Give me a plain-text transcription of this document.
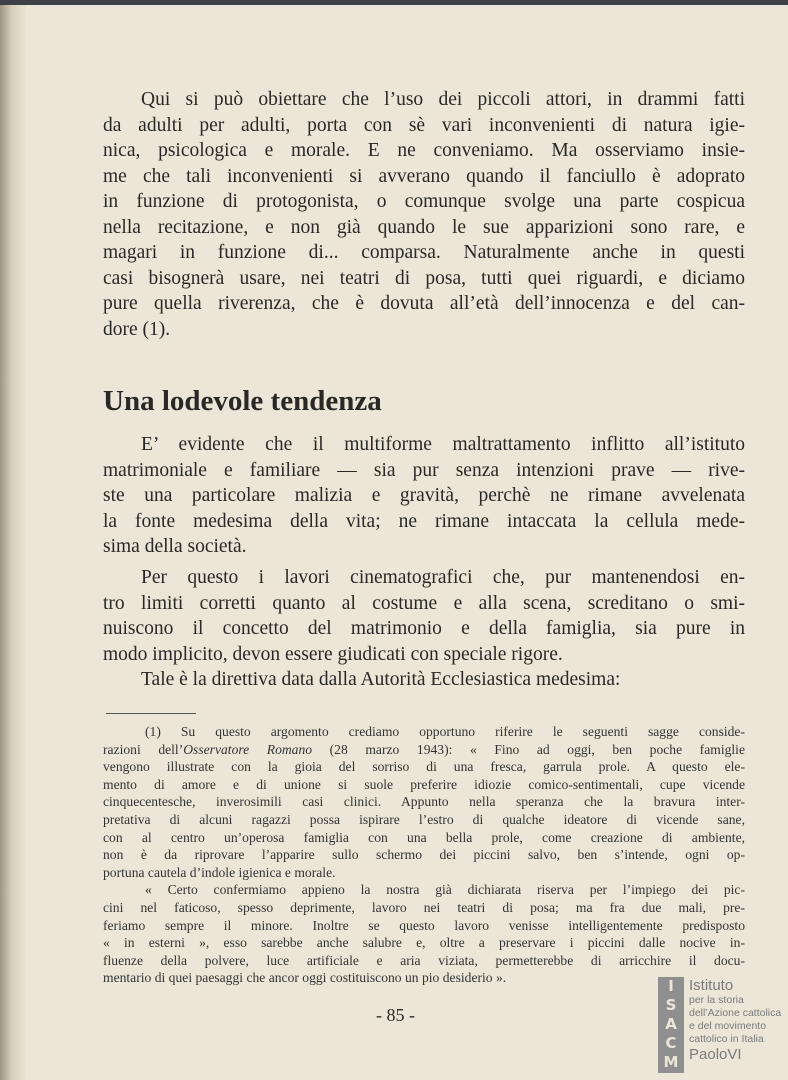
Qui si può obiettare che l’uso dei piccoli attori, in drammi fatti
da adulti per adulti, porta con sè vari inconvenienti di natura igie-
nica, psicologica e morale. E ne conveniamo. Ma osserviamo insie-
me che tali inconvenienti si avverano quando il fanciullo è adoprato
in funzione di protogonista, o comunque svolge una parte cospicua
nella recitazione, e non già quando le sue apparizioni sono rare, e
magari in funzione di... comparsa. Naturalmente anche in questi
casi bisognerà usare, nei teatri di posa, tutti quei riguardi, e diciamo
pure quella riverenza, che è dovuta all’età dell’innocenza e del can-
dore (1).
Una lodevole tendenza
E’ evidente che il multiforme maltrattamento inflitto all’istituto
matrimoniale e familiare — sia pur senza intenzioni prave — rive-
ste una particolare malizia e gravità, perchè ne rimane avvelenata
la fonte medesima della vita; ne rimane intaccata la cellula mede-
sima della società.
Per questo i lavori cinematografici che, pur mantenendosi en-
tro limiti corretti quanto al costume e alla scena, screditano o smi-
nuiscono il concetto del matrimonio e della famiglia, sia pure in
modo implicito, devon essere giudicati con speciale rigore.
Tale è la direttiva data dalla Autorità Ecclesiastica medesima:
(1) Su questo argomento crediamo opportuno riferire le seguenti sagge conside-
razioni dell’Osservatore Romano (28 marzo 1943): « Fino ad oggi, ben poche famiglie
vengono illustrate con la gioia del sorriso di una fresca, garrula prole. A questo ele-
mento di amore e di unione si suole preferire idiozie comico-sentimentali, cupe vicende
cinquecentesche, inverosimili casi clinici. Appunto nella speranza che la bravura inter-
pretativa di alcuni ragazzi possa ispirare l’estro di qualche ideatore di vicende sane,
con al centro un’operosa famiglia con una bella prole, come creazione di ambiente,
non è da riprovare l’apparire sullo schermo dei piccini salvo, ben s’intende, ogni op-
portuna cautela d’indole igienica e morale.
« Certo confermiamo appieno la nostra già dichiarata riserva per l’impiego dei pic-
cini nel faticoso, spesso deprimente, lavoro nei teatri di posa; ma fra due mali, pre-
feriamo sempre il minore. Inoltre se questo lavoro venisse intelligentemente predisposto
« in esterni », esso sarebbe anche salubre e, oltre a preservare i piccini dalle nocive in-
fluenze della polvere, luce artificiale e aria viziata, permetterebbe di arricchire il docu-
mentario di quei paesaggi che ancor oggi costituiscono un pio desiderio ».
- 85 -
I
S
A
C
M
Istituto
per la storia
dell’Azione cattolica
e del movimento
cattolico in Italia
PaoloVI
